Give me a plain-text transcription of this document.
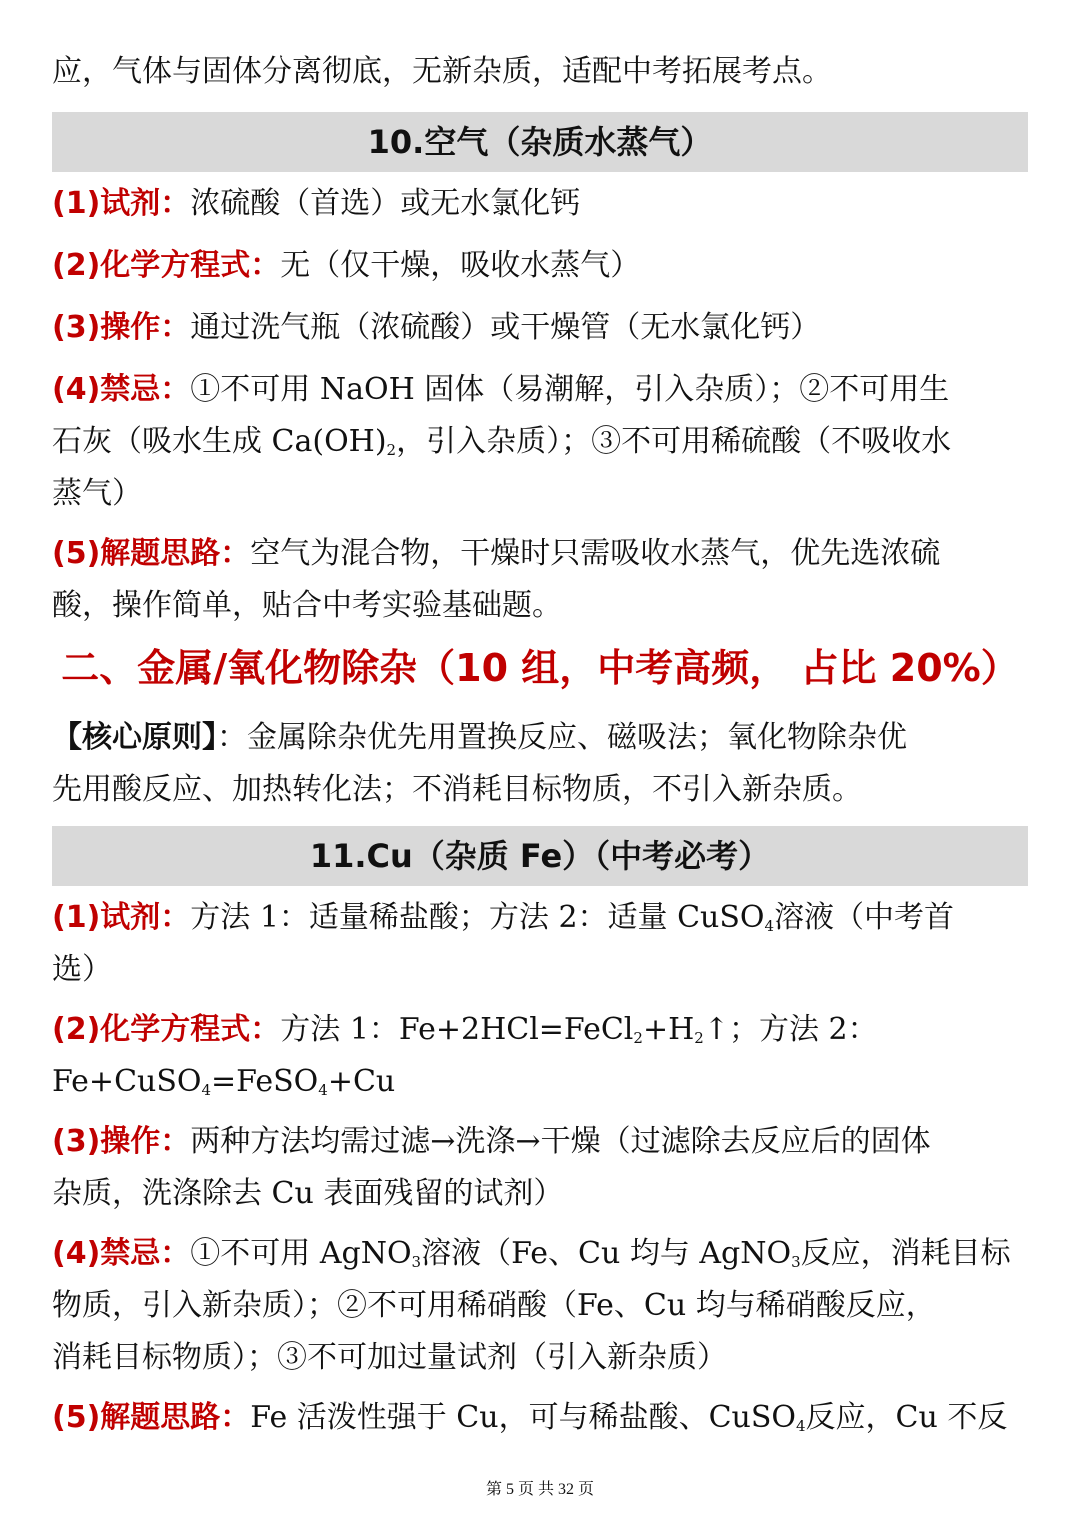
应，气体与固体分离彻底，无新杂质，适配中考拓展考点。

10.空气（杂质水蒸气）

(1)试剂：浓硫酸（首选）或无水氯化钙

(2)化学方程式：无（仅干燥，吸收水蒸气）

(3)操作：通过洗气瓶（浓硫酸）或干燥管（无水氯化钙）

(4)禁忌：①不可用 NaOH 固体（易潮解，引入杂质）；②不可用生
石灰（吸水生成 $Ca(OH)_2$，引入杂质）；③不可用稀硫酸（不吸收水
蒸气）

(5)解题思路：空气为混合物，干燥时只需吸收水蒸气，优先选浓硫
酸，操作简单，贴合中考实验基础题。

二、金属/氧化物除杂（10 组，中考高频， 占比 20%）

【核心原则】：金属除杂优先用置换反应、磁吸法；氧化物除杂优
先用酸反应、加热转化法；不消耗目标物质，不引入新杂质。

11.Cu（杂质 Fe）（中考必考）

(1)试剂：方法 1：适量稀盐酸；方法 2：适量 CuSO$_4$溶液（中考首
选）

(2)化学方程式：方法 1：$Fe+2HCl=FeCl_2+H_2↑$；方法 2：
Fe+CuSO$_4$=FeSO$_4$+Cu

(3)操作：两种方法均需过滤→洗涤→干燥（过滤除去反应后的固体
杂质，洗涤除去 Cu 表面残留的试剂）

(4)禁忌：①不可用 AgNO$_3$溶液（Fe、Cu 均与 AgNO$_3$反应，消耗目标
物质，引入新杂质）；②不可用稀硝酸（Fe、Cu 均与稀硝酸反应，
消耗目标物质）；③不可加过量试剂（引入新杂质）

(5)解题思路：Fe 活泼性强于 Cu，可与稀盐酸、CuSO$_4$反应，Cu 不反

第 5 页 共 32 页
